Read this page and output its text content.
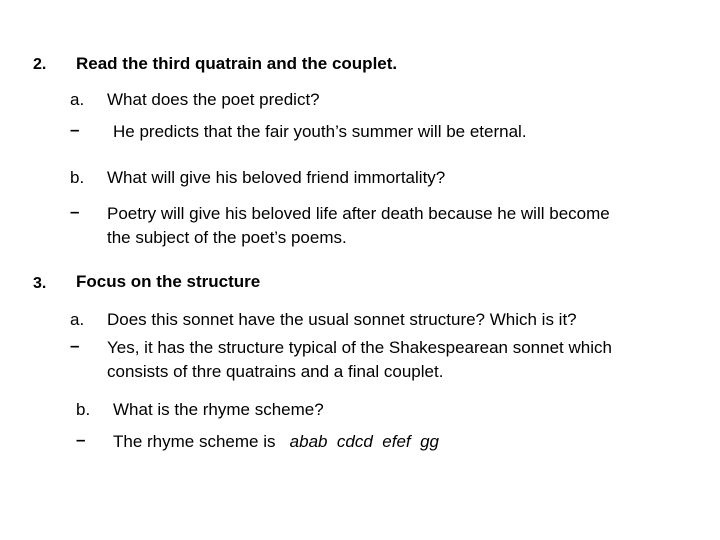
2. Read the third quatrain and the couplet.
a. What does the poet predict?
– He predicts that the fair youth’s summer will be eternal.
b. What will give his beloved friend immortality?
– Poetry will give his beloved life after death because he will become
the subject of the poet’s poems.
3. Focus on the structure
a. Does this sonnet have the usual sonnet structure? Which is it?
– Yes, it has the structure typical of the Shakespearean sonnet which
consists of thre quatrains and a final couplet.
b. What is the rhyme scheme?
– The rhyme scheme is abab  cdcd  efef  gg
